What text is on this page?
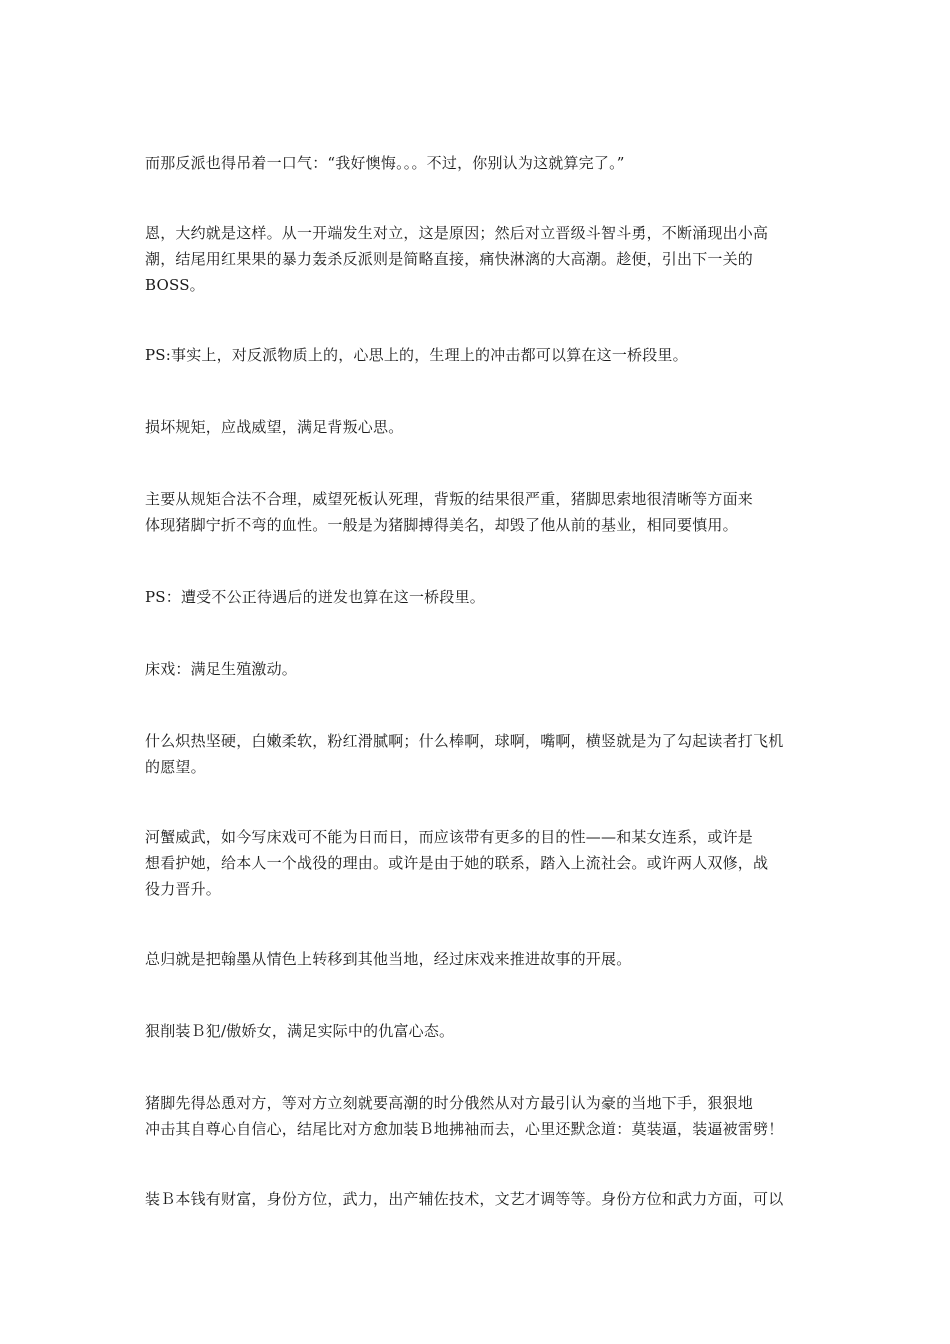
而那反派也得吊着一口气：“我好懊悔。。。不过，你别认为这就算完了。”

恩，大约就是这样。从一开端发生对立，这是原因；然后对立晋级斗智斗勇，不断涌现出小高
潮，结尾用红果果的暴力轰杀反派则是简略直接，痛快淋漓的大高潮。趁便，引出下一关的
BOSS。

PS:事实上，对反派物质上的，心思上的，生理上的冲击都可以算在这一桥段里。

损坏规矩，应战威望，满足背叛心思。

主要从规矩合法不合理，威望死板认死理，背叛的结果很严重，猪脚思索地很清晰等方面来
体现猪脚宁折不弯的血性。一般是为猪脚搏得美名，却毁了他从前的基业，相同要慎用。

PS：遭受不公正待遇后的迸发也算在这一桥段里。

床戏：满足生殖激动。

什么炽热坚硬，白嫩柔软，粉红滑腻啊；什么棒啊，球啊，嘴啊，横竖就是为了勾起读者打飞机
的愿望。

河蟹威武，如今写床戏可不能为日而日，而应该带有更多的目的性——和某女连系，或许是
想看护她，给本人一个战役的理由。或许是由于她的联系，踏入上流社会。或许两人双修，战
役力晋升。

总归就是把翰墨从情色上转移到其他当地，经过床戏来推进故事的开展。

狠削装Ｂ犯/傲娇女，满足实际中的仇富心态。

猪脚先得怂恿对方，等对方立刻就要高潮的时分俄然从对方最引认为豪的当地下手，狠狠地
冲击其自尊心自信心，结尾比对方愈加装Ｂ地拂袖而去，心里还默念道：莫装逼，装逼被雷劈！

装Ｂ本钱有财富，身份方位，武力，出产辅佐技术，文艺才调等等。身份方位和武力方面，可以
